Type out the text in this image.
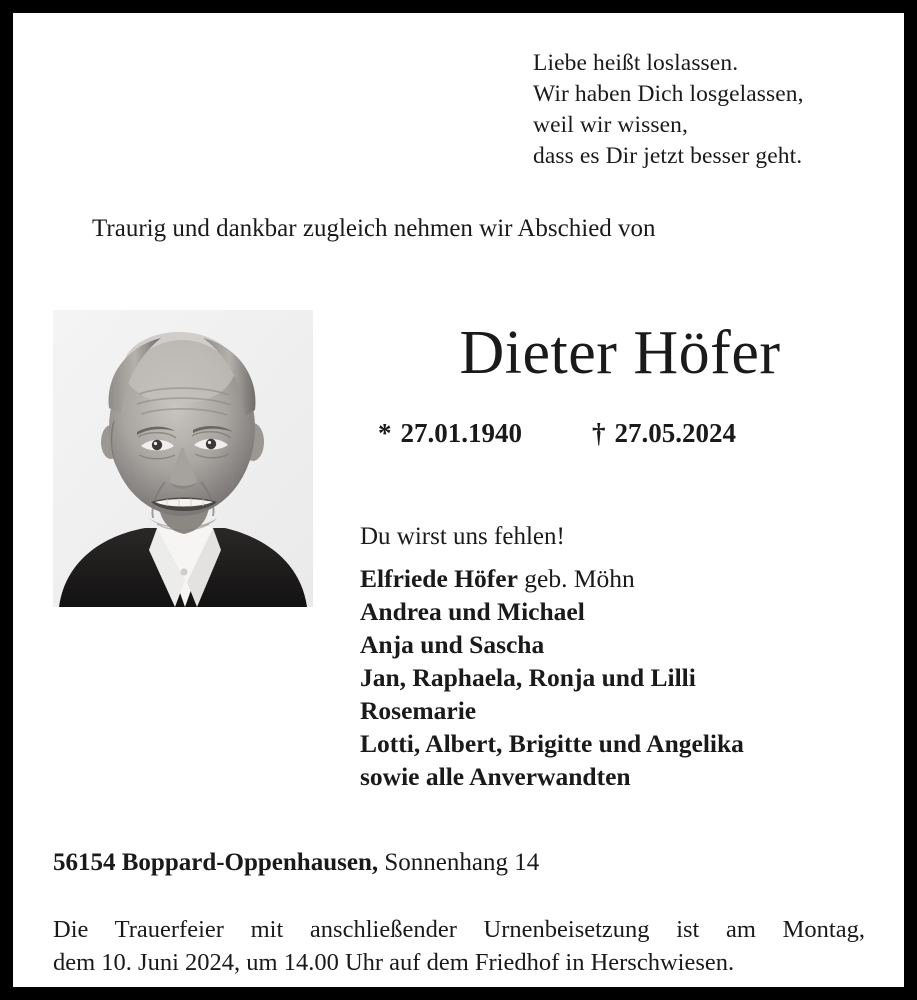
Liebe heißt loslassen.
Wir haben Dich losgelassen,
weil wir wissen,
dass es Dir jetzt besser geht.
Traurig und dankbar zugleich nehmen wir Abschied von
Dieter Höfer
* 27.01.1940	† 27.05.2024
Du wirst uns fehlen!
Elfriede Höfer geb. Möhn
Andrea und Michael
Anja und Sascha
Jan, Raphaela, Ronja und Lilli
Rosemarie
Lotti, Albert, Brigitte und Angelika
sowie alle Anverwandten
56154 Boppard-Oppenhausen, Sonnenhang 14
Die Trauerfeier mit anschließender Urnenbeisetzung ist am Montag, dem 10. Juni 2024, um 14.00 Uhr auf dem Friedhof in Herschwiesen.
